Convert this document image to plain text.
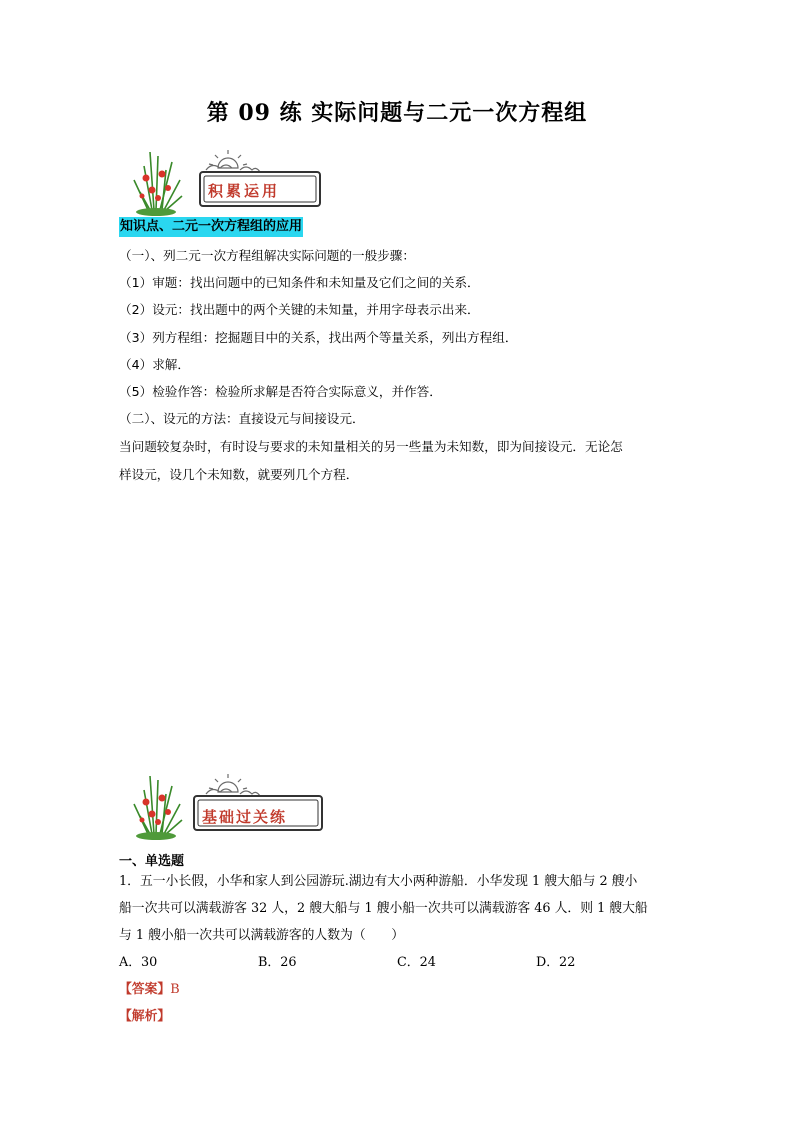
第 09 练 实际问题与二元一次方程组
积累运用
知识点、二元一次方程组的应用
（一）、列二元一次方程组解决实际问题的一般步骤：
（1）审题：找出问题中的已知条件和未知量及它们之间的关系．
（2）设元：找出题中的两个关键的未知量，并用字母表示出来．
（3）列方程组：挖掘题目中的关系，找出两个等量关系，列出方程组．
（4）求解．
（5）检验作答：检验所求解是否符合实际意义，并作答．
（二）、设元的方法：直接设元与间接设元．
当问题较复杂时，有时设与要求的未知量相关的另一些量为未知数，即为间接设元．无论怎
样设元，设几个未知数，就要列几个方程．
基础过关练
一、单选题
1．五一小长假，小华和家人到公园游玩.湖边有大小两种游船．小华发现 1 艘大船与 2 艘小
船一次共可以满载游客 32 人，2 艘大船与 1 艘小船一次共可以满载游客 46 人．则 1 艘大船
与 1 艘小船一次共可以满载游客的人数为（　　）
A．30	B．26	C．24	D．22
【答案】B
【解析】
